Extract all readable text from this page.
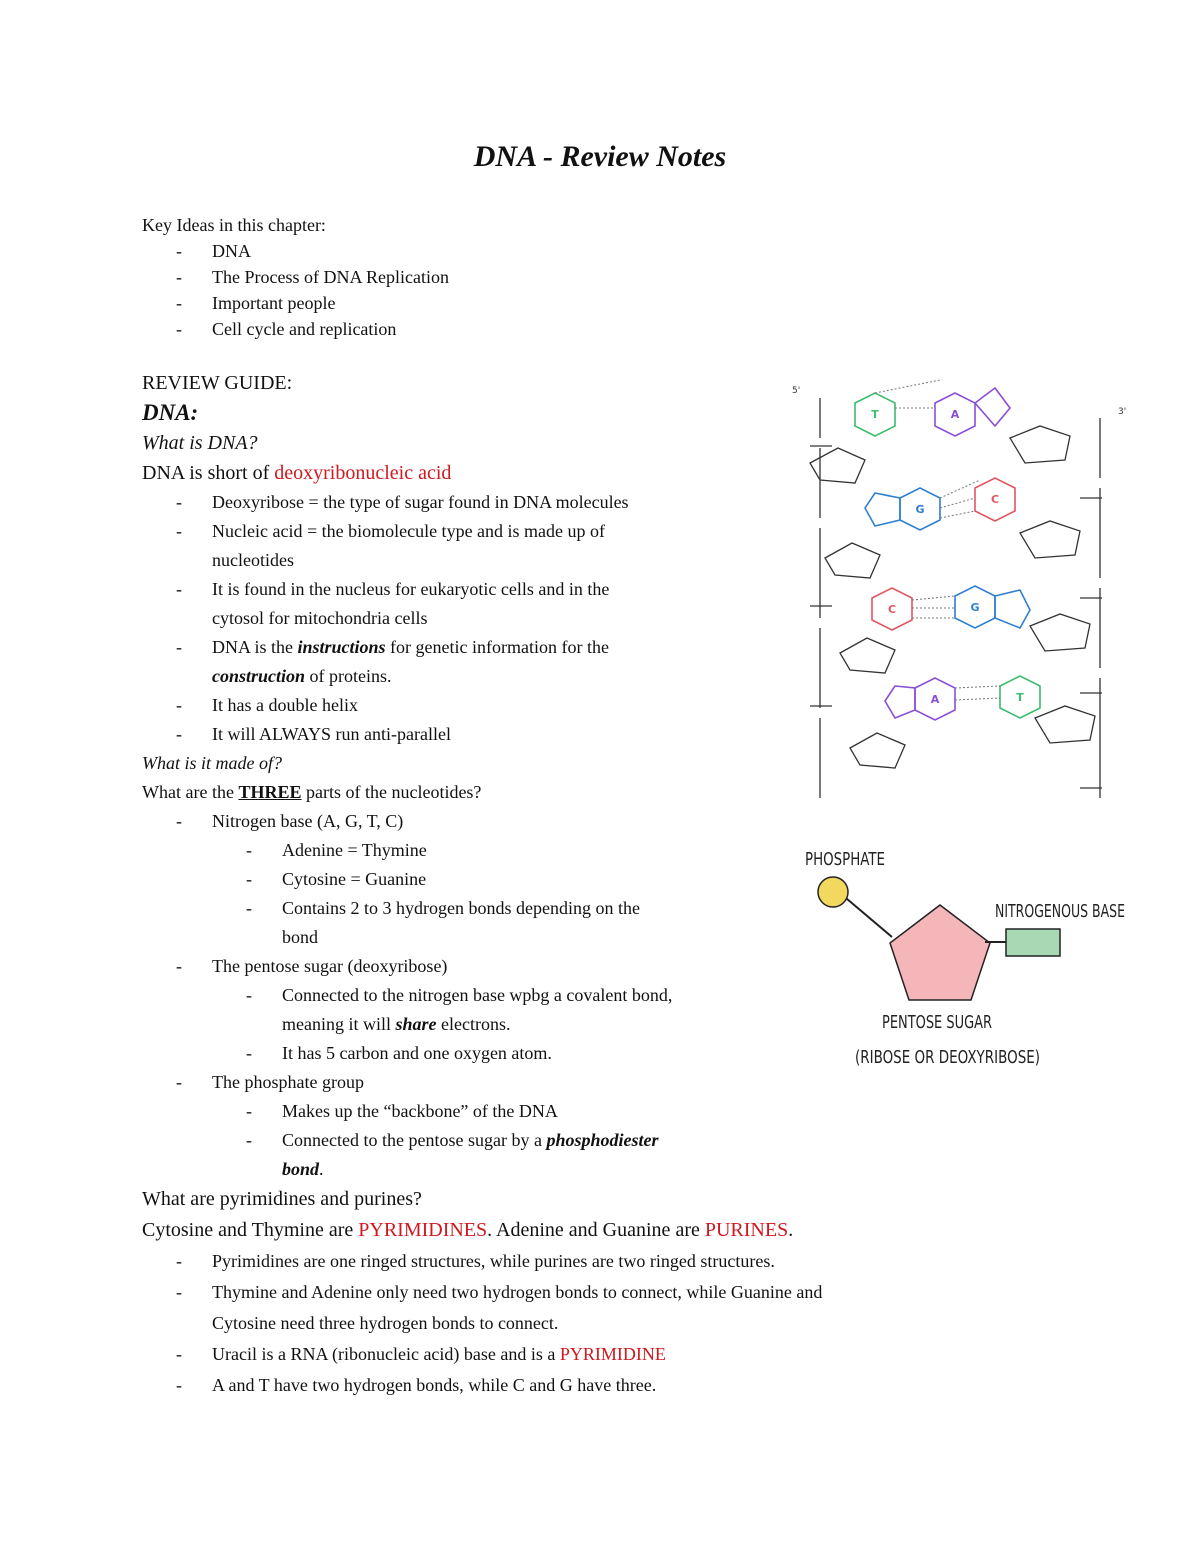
DNA - Review Notes
Key Ideas in this chapter:
- DNA
- The Process of DNA Replication
- Important people
- Cell cycle and replication
REVIEW GUIDE:
DNA:
What is DNA?
DNA is short of deoxyribonucleic acid
- Deoxyribose = the type of sugar found in DNA molecules
- Nucleic acid = the biomolecule type and is made up of
nucleotides
- It is found in the nucleus for eukaryotic cells and in the
cytosol for mitochondria cells
- DNA is the instructions for genetic information for the
construction of proteins.
- It has a double helix
- It will ALWAYS run anti-parallel
What is it made of?
What are the THREE parts of the nucleotides?
- Nitrogen base (A, G, T, C)
- Adenine = Thymine
- Cytosine = Guanine
- Contains 2 to 3 hydrogen bonds depending on the
bond
- The pentose sugar (deoxyribose)
- Connected to the nitrogen base wpbg a covalent bond,
meaning it will share electrons.
- It has 5 carbon and one oxygen atom.
- The phosphate group
- Makes up the “backbone” of the DNA
- Connected to the pentose sugar by a phosphodiester
bond.
What are pyrimidines and purines?
Cytosine and Thymine are PYRIMIDINES. Adenine and Guanine are PURINES.
- Pyrimidines are one ringed structures, while purines are two ringed structures.
- Thymine and Adenine only need two hydrogen bonds to connect, while Guanine and
Cytosine need three hydrogen bonds to connect.
- Uracil is a RNA (ribonucleic acid) base and is a PYRIMIDINE
- A and T have two hydrogen bonds, while C and G have three.
5'
3'
T
G
C
A
A
C
G
T
PHOSPHATE
NITROGENOUS BASE
PENTOSE SUGAR
(RIBOSE OR DEOXYRIBOSE)
